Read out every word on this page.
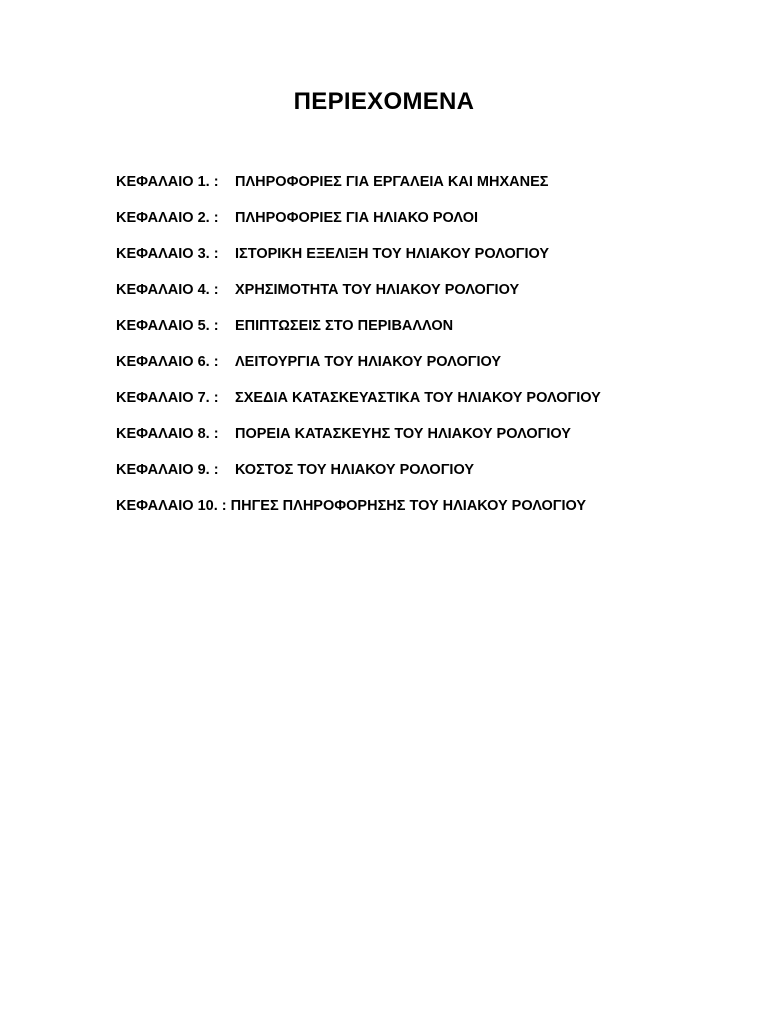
ΠΕΡΙΕΧΟΜΕΝΑ
ΚΕΦΑΛΑΙΟ 1. : ΠΛΗΡΟΦΟΡΙΕΣ ΓΙΑ ΕΡΓΑΛΕΙΑ ΚΑΙ ΜΗΧΑΝΕΣ
ΚΕΦΑΛΑΙΟ 2. : ΠΛΗΡΟΦΟΡΙΕΣ ΓΙΑ ΗΛΙΑΚΟ ΡΟΛΟΙ
ΚΕΦΑΛΑΙΟ 3. : ΙΣΤΟΡΙΚΗ ΕΞΕΛΙΞΗ ΤΟΥ ΗΛΙΑΚΟΥ ΡΟΛΟΓΙΟΥ
ΚΕΦΑΛΑΙΟ 4. : ΧΡΗΣΙΜΟΤΗΤΑ ΤΟΥ ΗΛΙΑΚΟΥ ΡΟΛΟΓΙΟΥ
ΚΕΦΑΛΑΙΟ 5. : ΕΠΙΠΤΩΣΕΙΣ ΣΤΟ ΠΕΡΙΒΑΛΛΟΝ
ΚΕΦΑΛΑΙΟ 6. : ΛΕΙΤΟΥΡΓΙΑ ΤΟΥ ΗΛΙΑΚΟΥ ΡΟΛΟΓΙΟΥ
ΚΕΦΑΛΑΙΟ 7. : ΣΧΕΔΙΑ ΚΑΤΑΣΚΕΥΑΣΤΙΚΑ ΤΟΥ ΗΛΙΑΚΟΥ ΡΟΛΟΓΙΟΥ
ΚΕΦΑΛΑΙΟ 8. : ΠΟΡΕΙΑ ΚΑΤΑΣΚΕΥΗΣ ΤΟΥ ΗΛΙΑΚΟΥ ΡΟΛΟΓΙΟΥ
ΚΕΦΑΛΑΙΟ 9. : ΚΟΣΤΟΣ ΤΟΥ ΗΛΙΑΚΟΥ ΡΟΛΟΓΙΟΥ
ΚΕΦΑΛΑΙΟ 10. : ΠΗΓΕΣ ΠΛΗΡΟΦΟΡΗΣΗΣ ΤΟΥ ΗΛΙΑΚΟΥ ΡΟΛΟΓΙΟΥ
